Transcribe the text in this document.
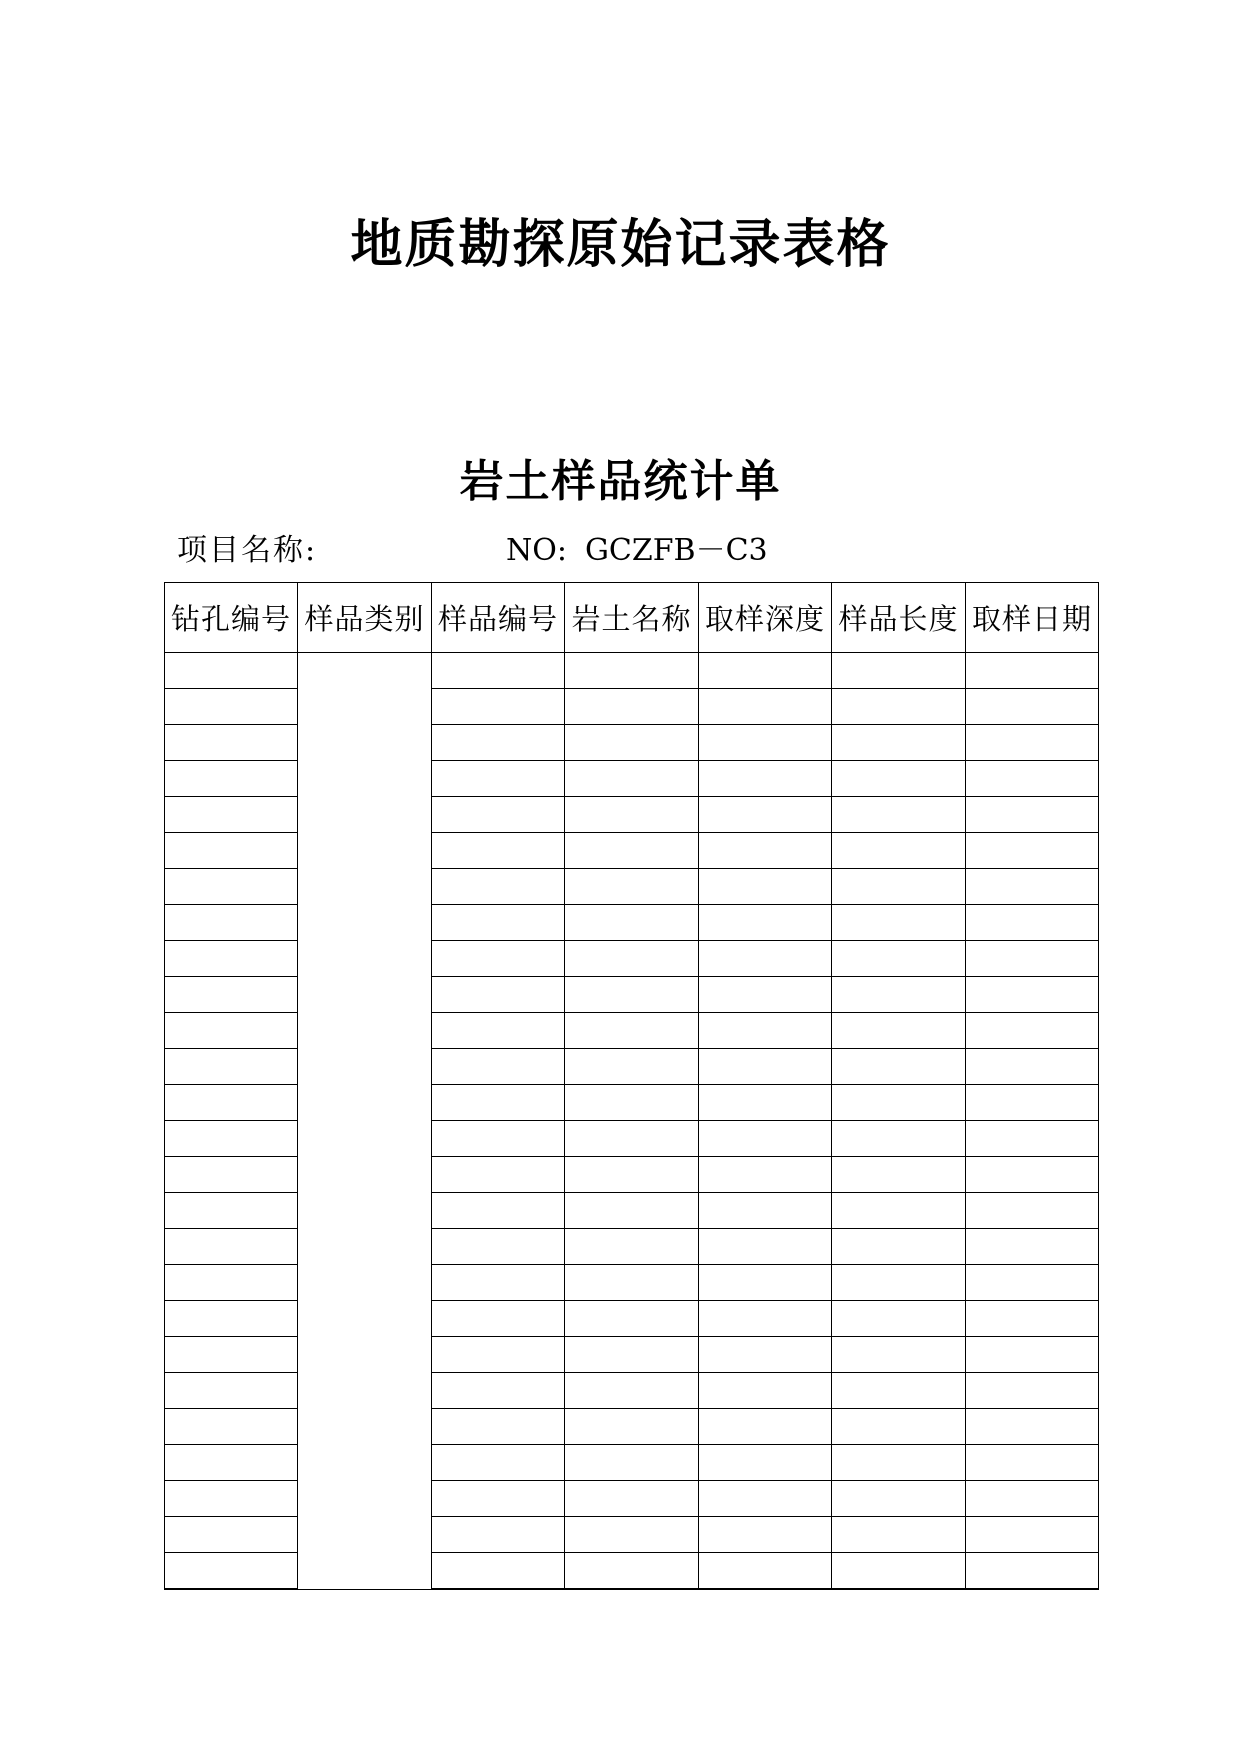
地质勘探原始记录表格
岩土样品统计单
项目名称:	NO: GCZFB－C3
钻孔编号	样品类别	样品编号	岩土名称	取样深度	样品长度	取样日期
